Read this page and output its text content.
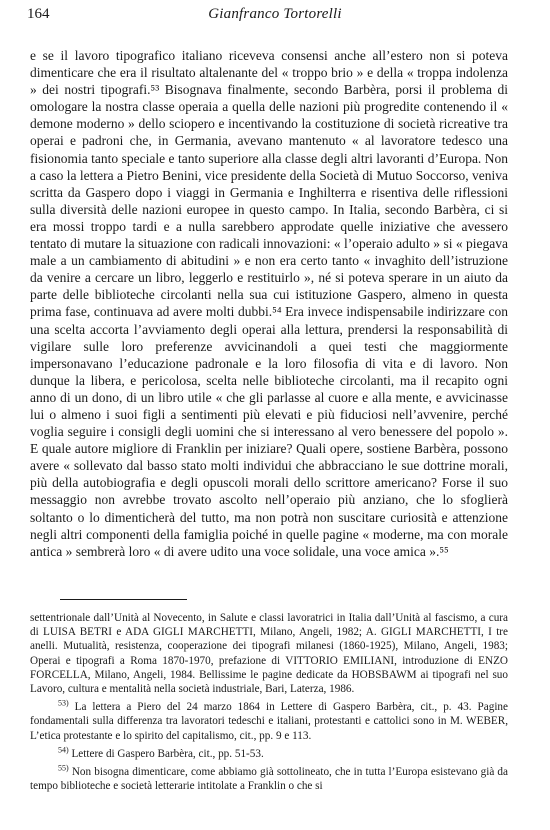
164	Gianfranco Tortorelli

e se il lavoro tipografico italiano riceveva consensi anche all’estero non si poteva dimenticare che era il risultato altalenante del « troppo brio » e della « troppa indolenza » dei nostri tipografi.⁵³ Bisognava finalmente, secondo Barbèra, porsi il problema di omologare la nostra classe operaia a quella delle nazioni più progredite contenendo il « demone moderno » dello sciopero e incentivando la costituzione di società ricreative tra operai e padroni che, in Germania, avevano mantenuto « al lavoratore tedesco una fisionomia tanto speciale e tanto superiore alla classe degli altri lavoranti d’Europa. Non a caso la lettera a Pietro Benini, vice presidente della Società di Mutuo Soccorso, veniva scritta da Gaspero dopo i viaggi in Germania e Inghilterra e risentiva delle riflessioni sulla diversità delle nazioni europee in questo campo. In Italia, secondo Barbèra, ci si era mossi troppo tardi e a nulla sarebbero approdate quelle iniziative che avessero tentato di mutare la situazione con radicali innovazioni: « l’operaio adulto » si « piegava male a un cambiamento di abitudini » e non era certo tanto « invaghito dell’istruzione da venire a cercare un libro, leggerlo e restituirlo », né si poteva sperare in un aiuto da parte delle biblioteche circolanti nella sua cui istituzione Gaspero, almeno in questa prima fase, continuava ad avere molti dubbi.⁵⁴ Era invece indispensabile indirizzare con una scelta accorta l’avviamento degli operai alla lettura, prendersi la responsabilità di vigilare sulle loro preferenze avvicinandoli a quei testi che maggiormente impersonavano l’educazione padronale e la loro filosofia di vita e di lavoro. Non dunque la libera, e pericolosa, scelta nelle biblioteche circolanti, ma il recapito ogni anno di un dono, di un libro utile « che gli parlasse al cuore e alla mente, e avvicinasse lui o almeno i suoi figli a sentimenti più elevati e più fiduciosi nell’avvenire, perché voglia seguire i consigli degli uomini che si interessano al vero benessere del popolo ». E quale autore migliore di Franklin per iniziare? Quali opere, sostiene Barbèra, possono avere « sollevato dal basso stato molti individui che abbracciano le sue dottrine morali, più della autobiografia e degli opuscoli morali dello scrittore americano? Forse il suo messaggio non avrebbe trovato ascolto nell’operaio più anziano, che lo sfoglierà soltanto o lo dimenticherà del tutto, ma non potrà non suscitare curiosità e attenzione negli altri componenti della famiglia poiché in quelle pagine « moderne, ma con morale antica » sembrerà loro « di avere udito una voce solidale, una voce amica ».⁵⁵

settentrionale dall’Unità al Novecento, in Salute e classi lavoratrici in Italia dall’Unità al fascismo, a cura di LUISA BETRI e ADA GIGLI MARCHETTI, Milano, Angeli, 1982; A. GIGLI MARCHETTI, I tre anelli. Mutualità, resistenza, cooperazione dei tipografi milanesi (1860-1925), Milano, Angeli, 1983; Operai e tipografi a Roma 1870-1970, prefazione di VITTORIO EMILIANI, introduzione di ENZO FORCELLA, Milano, Angeli, 1984. Bellissime le pagine dedicate da HOBSBAWM ai tipografi nel suo Lavoro, cultura e mentalità nella società industriale, Bari, Laterza, 1986.

$^{53)}$ La lettera a Piero del 24 marzo 1864 in Lettere di Gaspero Barbèra, cit., p. 43. Pagine fondamentali sulla differenza tra lavoratori tedeschi e italiani, protestanti e cattolici sono in M. WEBER, L’etica protestante e lo spirito del capitalismo, cit., pp. 9 e 113.

$^{54)}$ Lettere di Gaspero Barbèra, cit., pp. 51-53.

$^{55)}$ Non bisogna dimenticare, come abbiamo già sottolineato, che in tutta l’Europa esistevano già da tempo biblioteche e società letterarie intitolate a Franklin o che si
